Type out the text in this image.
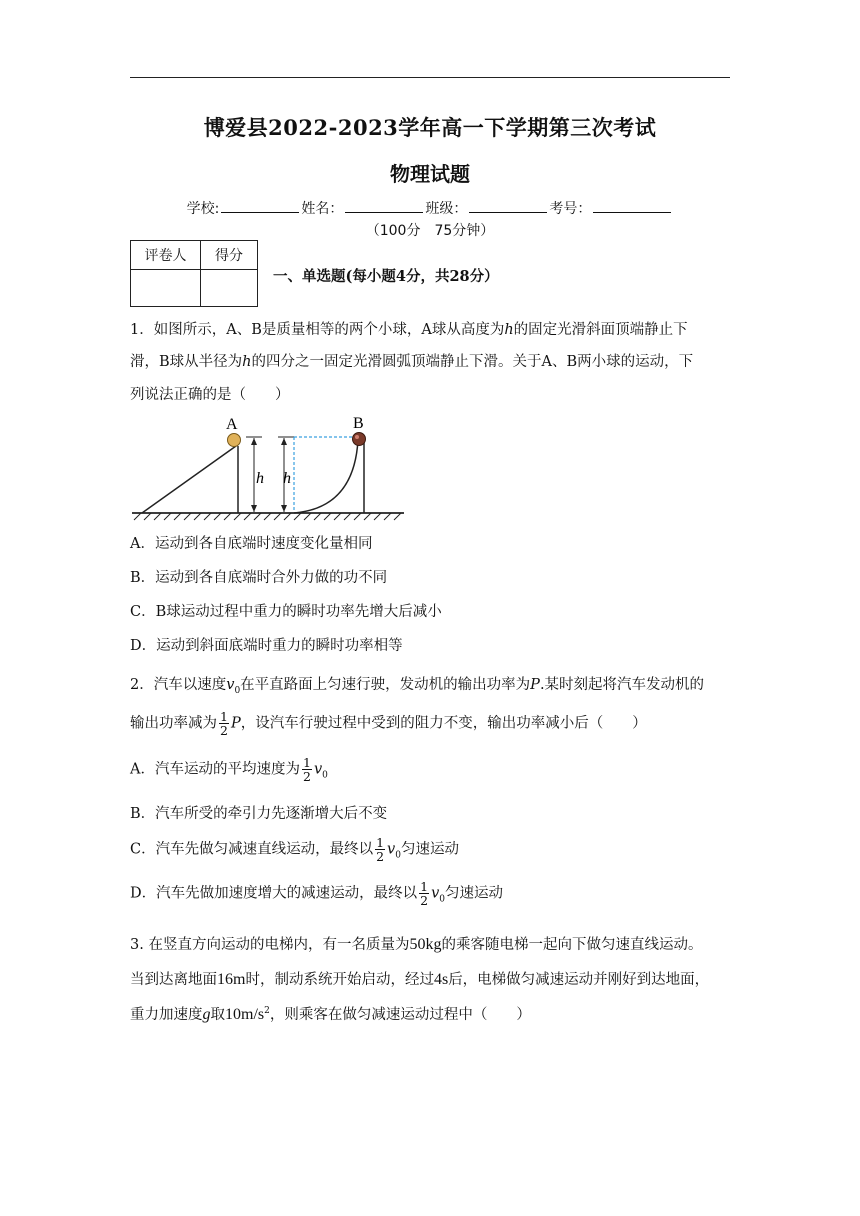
博爱县2022-2023学年高一下学期第三次考试
物理试题
学校:	姓名：	班级：	考号：
（100分　75分钟）
评卷人	得分

一、单选题(每小题4分，共28分）
1．如图所示，A、B是质量相等的两个小球，A球从高度为h的固定光滑斜面顶端静止下
滑，B球从半径为h的四分之一固定光滑圆弧顶端静止下滑。关于A、B两小球的运动，下
列说法正确的是（　　）
A
h h
B
A．运动到各自底端时速度变化量相同
B．运动到各自底端时合外力做的功不同
C．B球运动过程中重力的瞬时功率先增大后减小
D．运动到斜面底端时重力的瞬时功率相等
2．汽车以速度$v_0$在平直路面上匀速行驶，发动机的输出功率为P.某时刻起将汽车发动机的
输出功率减为 $\frac{1}{2}$ P，设汽车行驶过程中受到的阻力不变，输出功率减小后（　　）
A．汽车运动的平均速度为 $\frac{1}{2} v_0$
B．汽车所受的牵引力先逐渐增大后不变
C．汽车先做匀减速直线运动，最终以 $\frac{1}{2} v_0$匀速运动
D．汽车先做加速度增大的减速运动，最终以 $\frac{1}{2} v_0$匀速运动
3. 在竖直方向运动的电梯内，有一名质量为50kg的乘客随电梯一起向下做匀速直线运动。
当到达离地面16m时，制动系统开始启动，经过4s后，电梯做匀减速运动并刚好到达地面，
重力加速度g取$10m/s^2$，则乘客在做匀减速运动过程中（　　）
